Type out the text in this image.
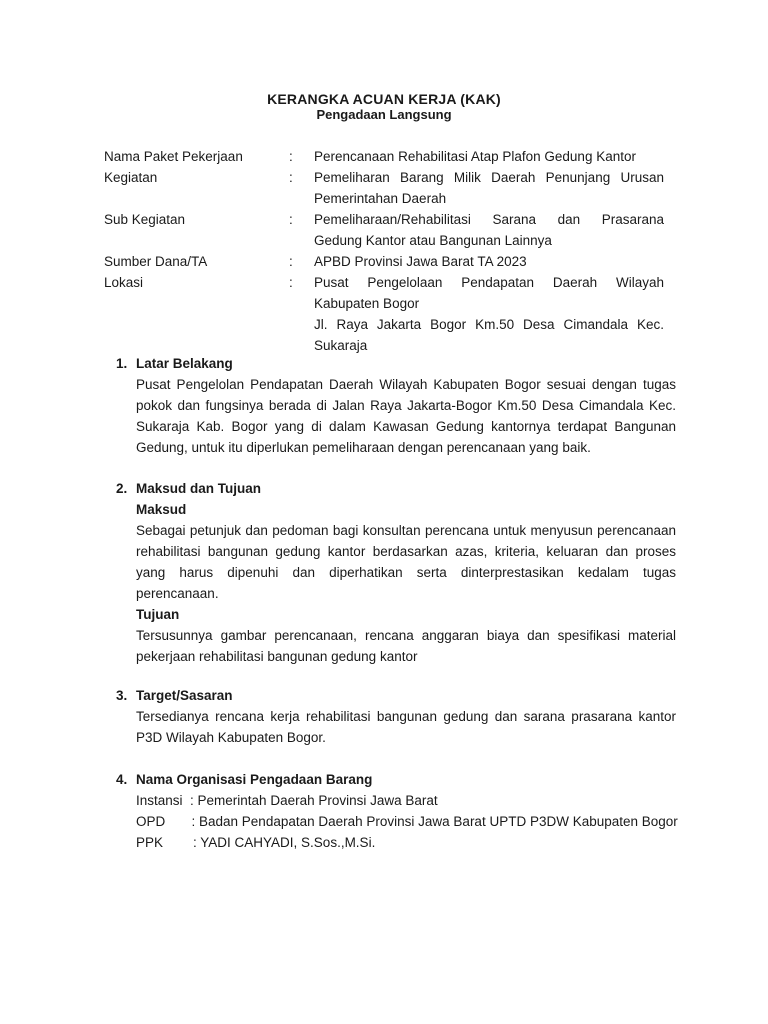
KERANGKA ACUAN KERJA (KAK)
Pengadaan Langsung
Nama Paket Pekerjaan	:	Perencanaan Rehabilitasi Atap Plafon Gedung Kantor
Kegiatan	:	Pemeliharan Barang Milik Daerah Penunjang Urusan
Pemerintahan Daerah
Sub Kegiatan	:	Pemeliharaan/Rehabilitasi Sarana dan Prasarana
Gedung Kantor atau Bangunan Lainnya
Sumber Dana/TA	:	APBD Provinsi Jawa Barat TA 2023
Lokasi	:	Pusat Pengelolaan Pendapatan Daerah Wilayah
Kabupaten Bogor
Jl. Raya Jakarta Bogor Km.50 Desa Cimandala Kec.
Sukaraja
1. Latar Belakang
Pusat Pengelolan Pendapatan Daerah Wilayah Kabupaten Bogor sesuai dengan tugas
pokok dan fungsinya berada di Jalan Raya Jakarta-Bogor Km.50 Desa Cimandala Kec.
Sukaraja Kab. Bogor yang di dalam Kawasan Gedung kantornya terdapat Bangunan
Gedung, untuk itu diperlukan pemeliharaan dengan perencanaan yang baik.
2. Maksud dan Tujuan
Maksud
Sebagai petunjuk dan pedoman bagi konsultan perencana untuk menyusun perencanaan
rehabilitasi bangunan gedung kantor berdasarkan azas, kriteria, keluaran dan proses
yang harus dipenuhi dan diperhatikan serta dinterprestasikan kedalam tugas
perencanaan.
Tujuan
Tersusunnya gambar perencanaan, rencana anggaran biaya dan spesifikasi material
pekerjaan rehabilitasi bangunan gedung kantor
3. Target/Sasaran
Tersedianya rencana kerja rehabilitasi bangunan gedung dan sarana prasarana kantor
P3D Wilayah Kabupaten Bogor.
4. Nama Organisasi Pengadaan Barang
Instansi  : Pemerintah Daerah Provinsi Jawa Barat
OPD       : Badan Pendapatan Daerah Provinsi Jawa Barat UPTD P3DW Kabupaten Bogor
PPK        : YADI CAHYADI, S.Sos.,M.Si.
